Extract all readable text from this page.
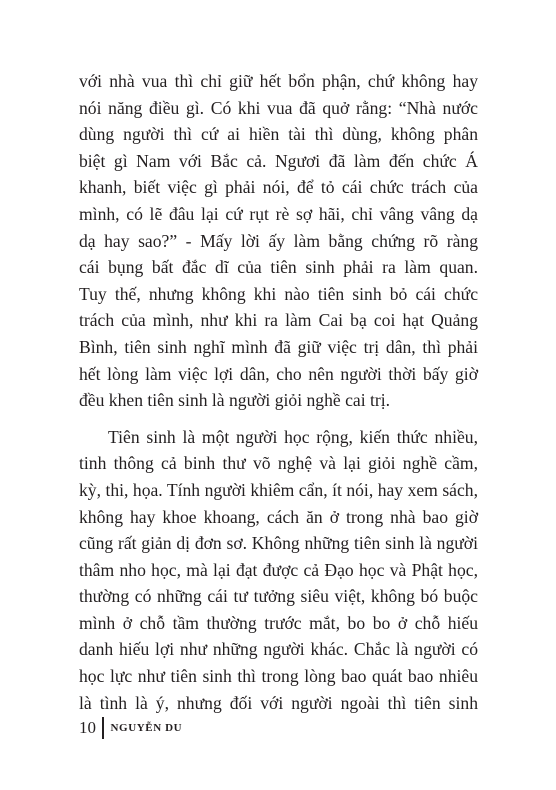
với nhà vua thì chỉ giữ hết bổn phận, chứ không hay
nói năng điều gì. Có khi vua đã quở rằng: “Nhà nước
dùng người thì cứ ai hiền tài thì dùng, không phân
biệt gì Nam với Bắc cả. Ngươi đã làm đến chức Á
khanh, biết việc gì phải nói, để tỏ cái chức trách của
mình, có lẽ đâu lại cứ rụt rè sợ hãi, chỉ vâng vâng dạ
dạ hay sao?” - Mấy lời ấy làm bằng chứng rõ ràng
cái bụng bất đắc dĩ của tiên sinh phải ra làm quan.
Tuy thế, nhưng không khi nào tiên sinh bỏ cái chức
trách của mình, như khi ra làm Cai bạ coi hạt Quảng
Bình, tiên sinh nghĩ mình đã giữ việc trị dân, thì phải
hết lòng làm việc lợi dân, cho nên người thời bấy giờ
đều khen tiên sinh là người giỏi nghề cai trị.

Tiên sinh là một người học rộng, kiến thức nhiều,
tinh thông cả binh thư võ nghệ và lại giỏi nghề cầm,
kỳ, thi, họa. Tính người khiêm cẩn, ít nói, hay xem sách,
không hay khoe khoang, cách ăn ở trong nhà bao giờ
cũng rất giản dị đơn sơ. Không những tiên sinh là người
thâm nho học, mà lại đạt được cả Đạo học và Phật học,
thường có những cái tư tưởng siêu việt, không bó buộc
mình ở chỗ tầm thường trước mắt, bo bo ở chỗ hiếu
danh hiếu lợi như những người khác. Chắc là người có
học lực như tiên sinh thì trong lòng bao quát bao nhiêu
là tình là ý, nhưng đối với người ngoài thì tiên sinh

10 NGUYỄN DU
